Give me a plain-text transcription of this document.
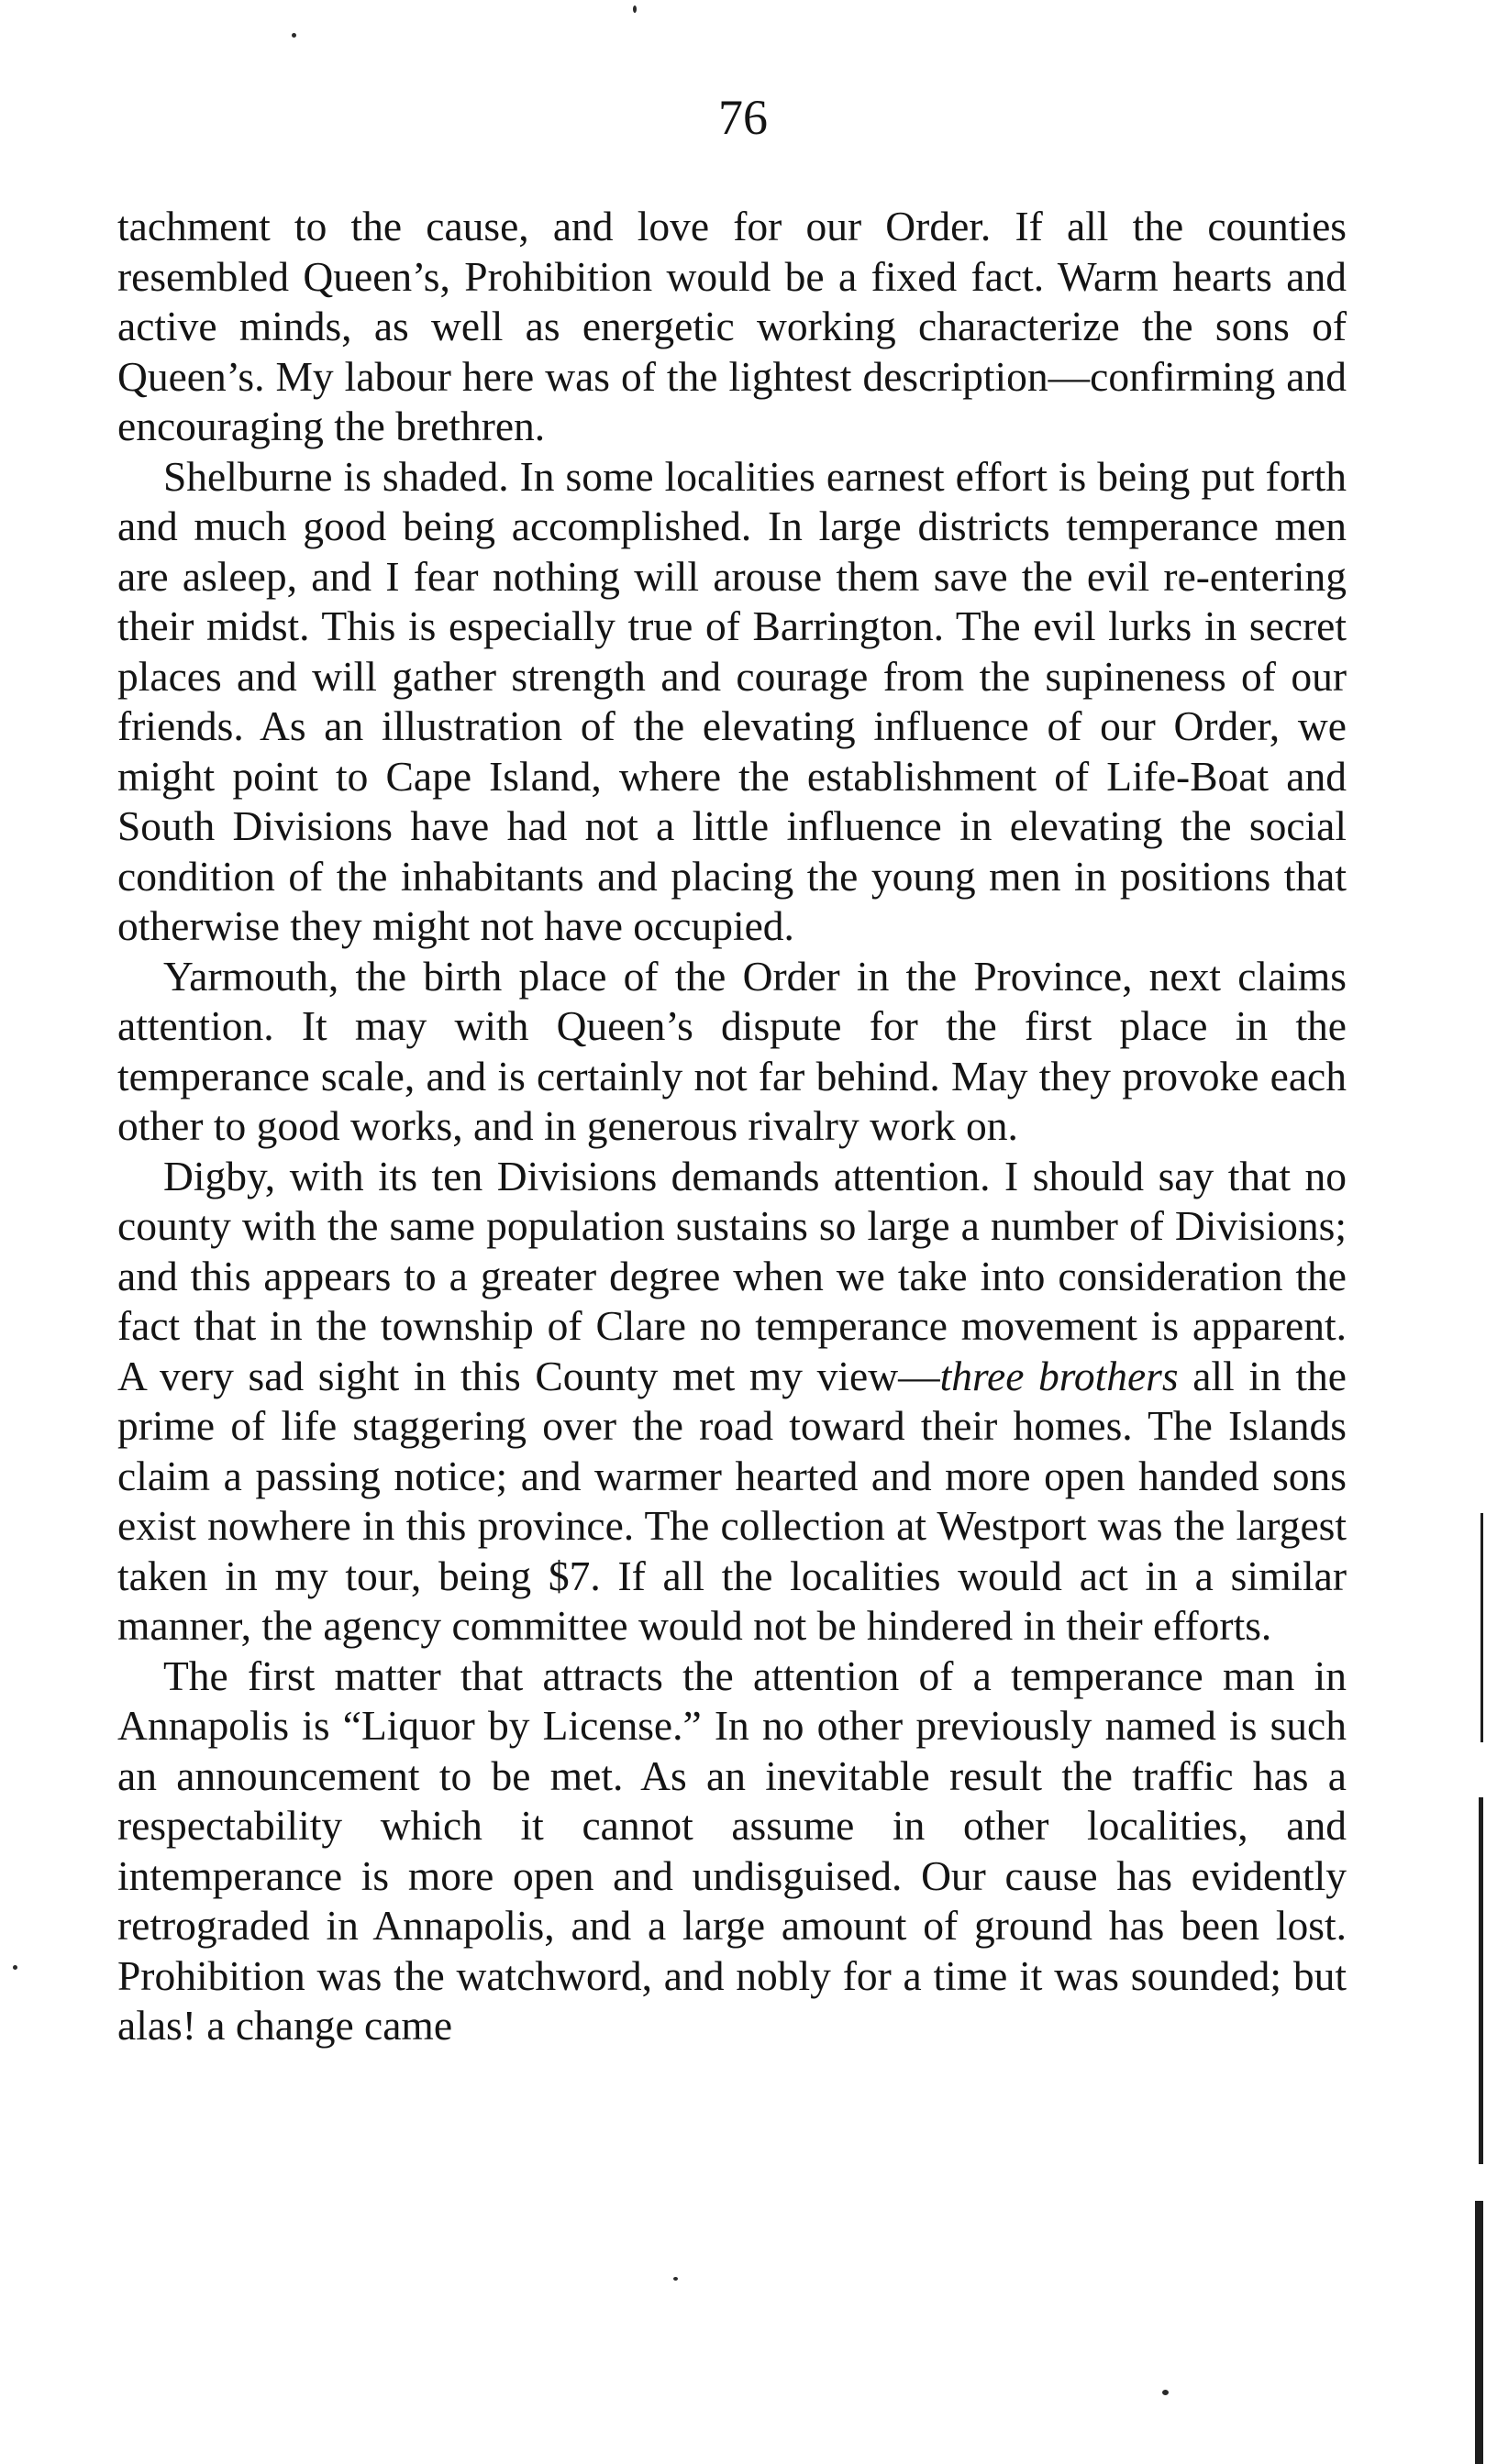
76

tachment to the cause, and love for our Order. If all the counties resembled Queen’s, Prohibition would be a fixed fact. Warm hearts and active minds, as well as energetic working characterize the sons of Queen’s. My labour here was of the lightest description—confirming and encouraging the brethren.

Shelburne is shaded. In some localities earnest effort is being put forth and much good being accomplished. In large districts temperance men are asleep, and I fear nothing will arouse them save the evil re-entering their midst. This is especially true of Barrington. The evil lurks in secret places and will gather strength and courage from the supineness of our friends. As an illustration of the elevating influence of our Order, we might point to Cape Island, where the establishment of Life-Boat and South Divisions have had not a little influence in elevating the social condition of the inhabitants and placing the young men in positions that otherwise they might not have occupied.

Yarmouth, the birth place of the Order in the Province, next claims attention. It may with Queen’s dispute for the first place in the temperance scale, and is certainly not far behind. May they provoke each other to good works, and in generous rivalry work on.

Digby, with its ten Divisions demands attention. I should say that no county with the same population sustains so large a number of Divisions; and this appears to a greater degree when we take into consideration the fact that in the township of Clare no temperance movement is apparent. A very sad sight in this County met my view—three brothers all in the prime of life staggering over the road toward their homes. The Islands claim a passing notice; and warmer hearted and more open handed sons exist nowhere in this province. The collection at Westport was the largest taken in my tour, being $7. If all the localities would act in a similar manner, the agency committee would not be hindered in their efforts.

The first matter that attracts the attention of a temperance man in Annapolis is “Liquor by License.” In no other previously named is such an announcement to be met. As an inevitable result the traffic has a respectability which it cannot assume in other localities, and intemperance is more open and undisguised. Our cause has evidently retrograded in Annapolis, and a large amount of ground has been lost. Prohibition was the watchword, and nobly for a time it was sounded; but alas! a change came
